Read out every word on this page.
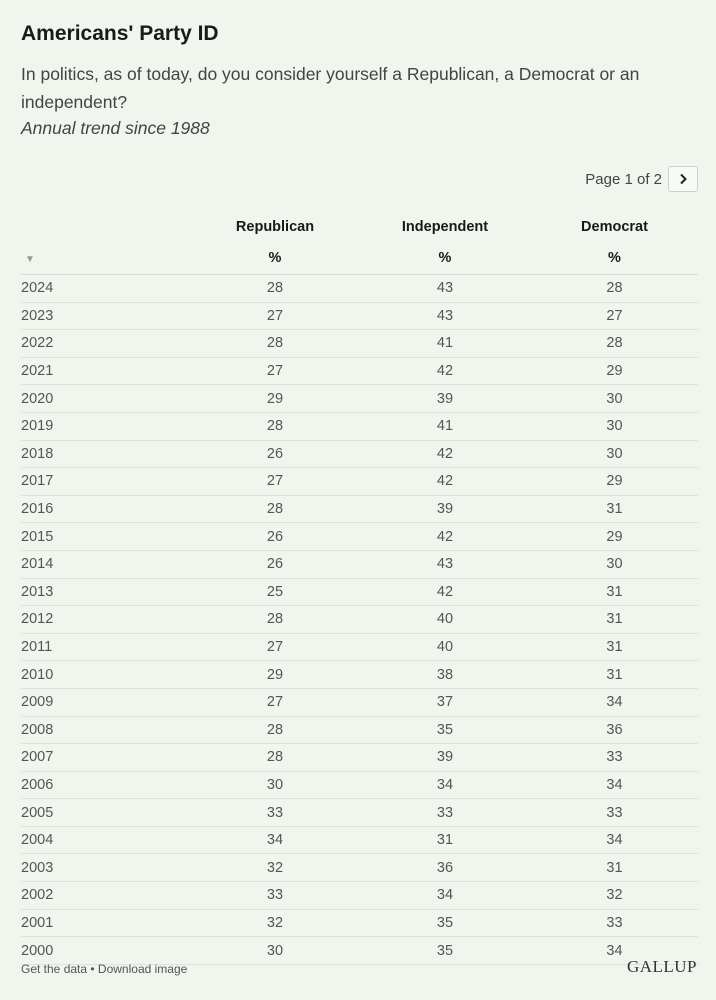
Americans' Party ID
In politics, as of today, do you consider yourself a Republican, a Democrat or an independent?
Annual trend since 1988
Page 1 of 2
Republican	Independent	Democrat
▼	%	%	%
2024	28	43	28
2023	27	43	27
2022	28	41	28
2021	27	42	29
2020	29	39	30
2019	28	41	30
2018	26	42	30
2017	27	42	29
2016	28	39	31
2015	26	42	29
2014	26	43	30
2013	25	42	31
2012	28	40	31
2011	27	40	31
2010	29	38	31
2009	27	37	34
2008	28	35	36
2007	28	39	33
2006	30	34	34
2005	33	33	33
2004	34	31	34
2003	32	36	31
2002	33	34	32
2001	32	35	33
2000	30	35	34
Get the data • Download image	GALLUP
